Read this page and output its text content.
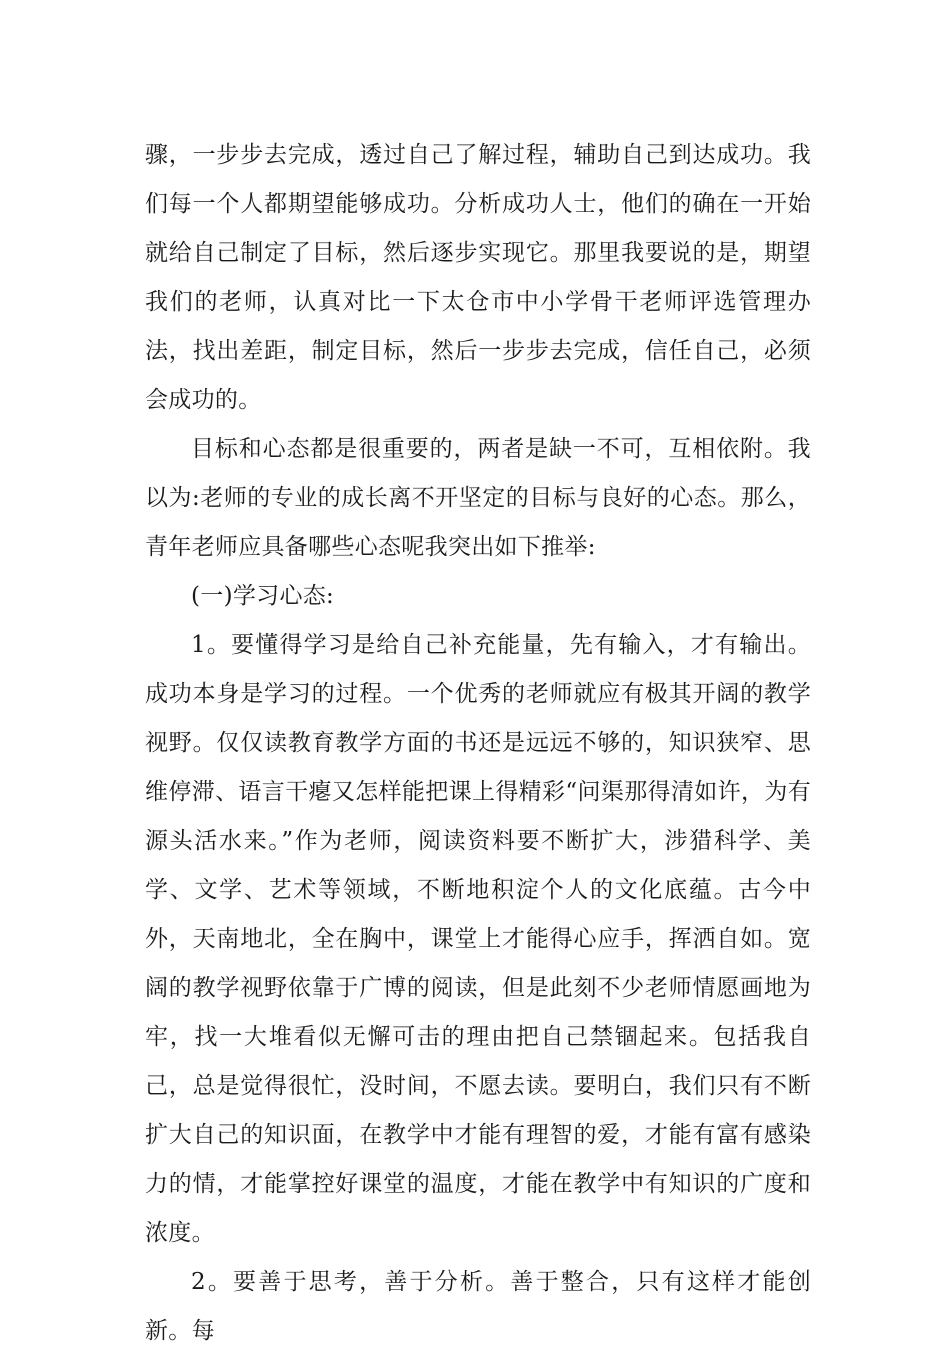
骤，一步步去完成，透过自己了解过程，辅助自己到达成功。我们每一个人都期望能够成功。分析成功人士，他们的确在一开始就给自己制定了目标，然后逐步实现它。那里我要说的是，期望我们的老师，认真对比一下太仓市中小学骨干老师评选管理办法，找出差距，制定目标，然后一步步去完成，信任自己，必须会成功的。

目标和心态都是很重要的，两者是缺一不可，互相依附。我以为:老师的专业的成长离不开坚定的目标与良好的心态。那么，青年老师应具备哪些心态呢我突出如下推举:

(一)学习心态:

1。要懂得学习是给自己补充能量，先有输入，才有输出。成功本身是学习的过程。一个优秀的老师就应有极其开阔的教学视野。仅仅读教育教学方面的书还是远远不够的，知识狭窄、思维停滞、语言干瘪又怎样能把课上得精彩“问渠那得清如许，为有源头活水来。”作为老师，阅读资料要不断扩大，涉猎科学、美学、文学、艺术等领域，不断地积淀个人的文化底蕴。古今中外，天南地北，全在胸中，课堂上才能得心应手，挥洒自如。宽阔的教学视野依靠于广博的阅读，但是此刻不少老师情愿画地为牢，找一大堆看似无懈可击的理由把自己禁锢起来。包括我自己，总是觉得很忙，没时间，不愿去读。要明白，我们只有不断扩大自己的知识面，在教学中才能有理智的爱，才能有富有感染力的情，才能掌控好课堂的温度，才能在教学中有知识的广度和浓度。

2。要善于思考，善于分析。善于整合，只有这样才能创新。每
